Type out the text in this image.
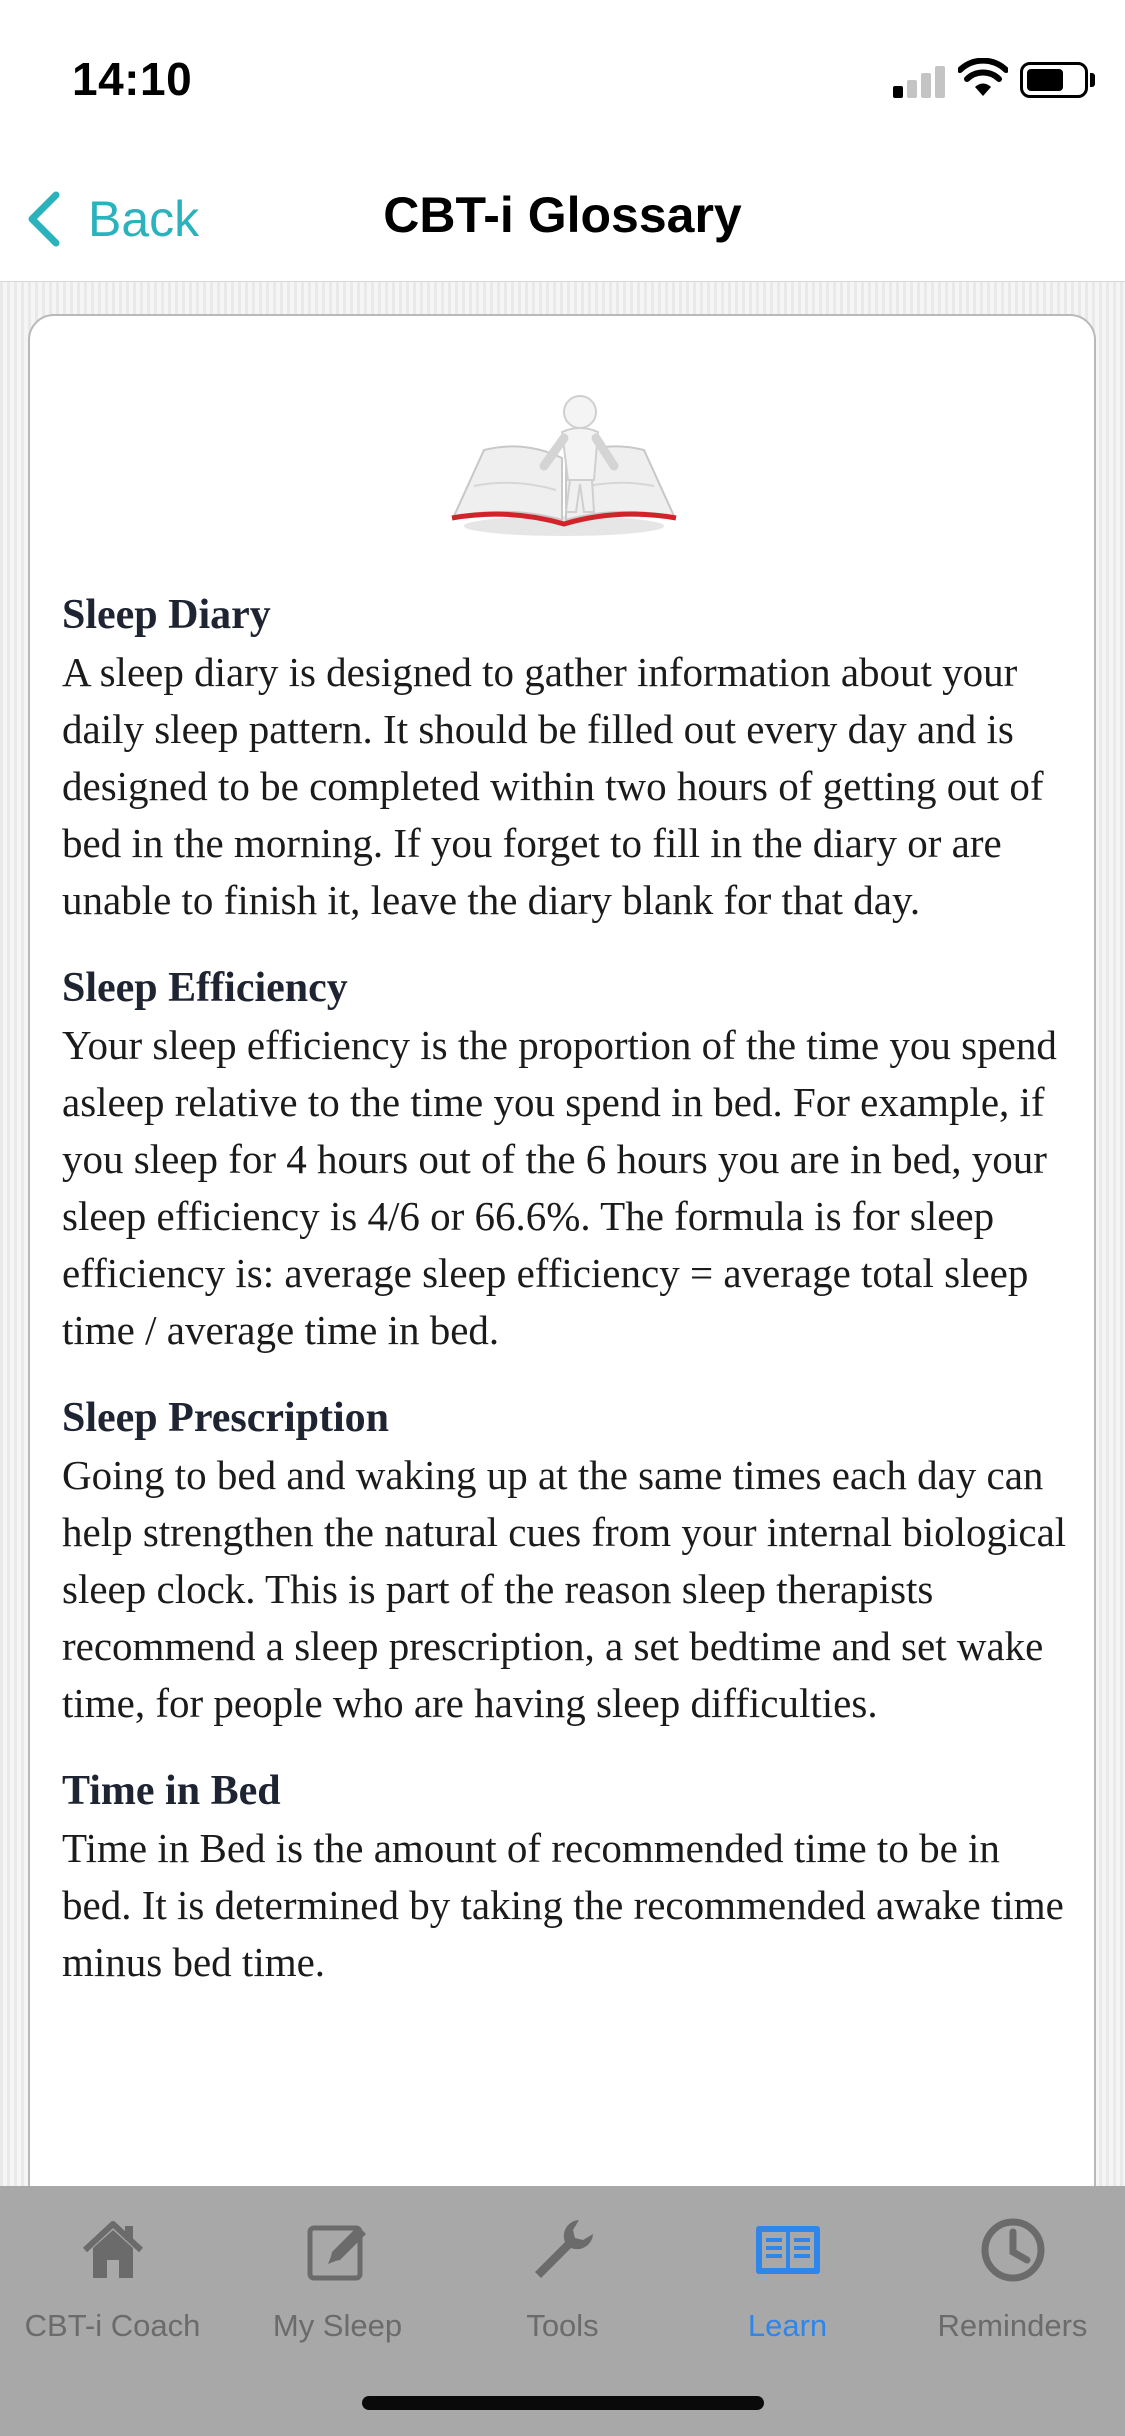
14:10
Back	CBT-i Glossary
Sleep Diary
A sleep diary is designed to gather information about your daily sleep pattern. It should be filled out every day and is designed to be completed within two hours of getting out of bed in the morning. If you forget to fill in the diary or are unable to finish it, leave the diary blank for that day.
Sleep Efficiency
Your sleep efficiency is the proportion of the time you spend asleep relative to the time you spend in bed. For example, if you sleep for 4 hours out of the 6 hours you are in bed, your sleep efficiency is 4/6 or 66.6%. The formula is for sleep efficiency is: average sleep efficiency = average total sleep time / average time in bed.
Sleep Prescription
Going to bed and waking up at the same times each day can help strengthen the natural cues from your internal biological sleep clock. This is part of the reason sleep therapists recommend a sleep prescription, a set bedtime and set wake time, for people who are having sleep difficulties.
Time in Bed
Time in Bed is the amount of recommended time to be in bed. It is determined by taking the recommended awake time minus bed time.
CBT-i Coach	My Sleep	Tools	Learn	Reminders
